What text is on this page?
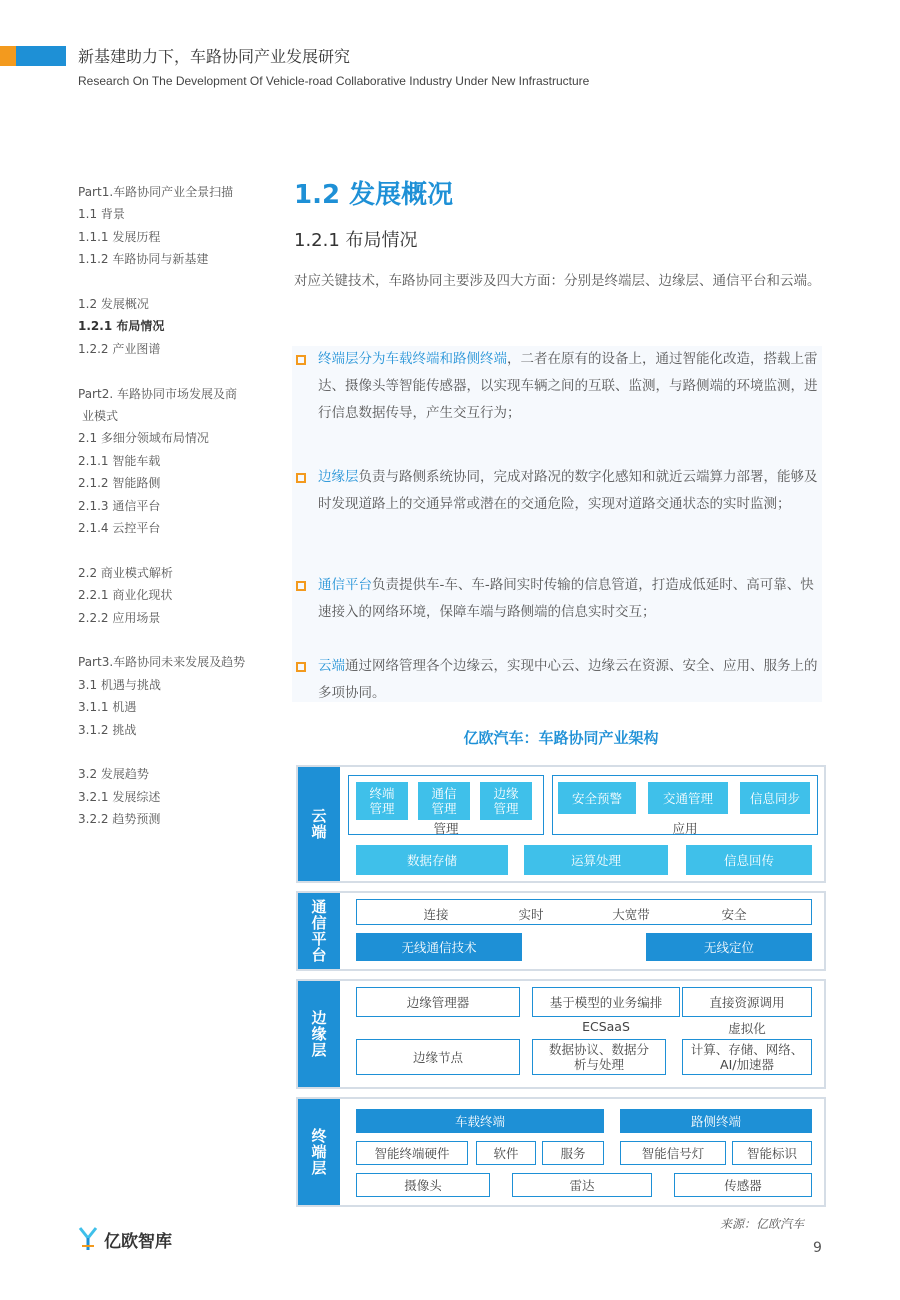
新基建助力下，车路协同产业发展研究
Research On The Development Of Vehicle-road Collaborative Industry Under New Infrastructure
Part1.车路协同产业全景扫描
1.1 背景
1.1.1 发展历程
1.1.2 车路协同与新基建
1.2 发展概况
1.2.1 布局情况
1.2.2 产业图谱
Part2. 车路协同市场发展及商
业模式
2.1 多细分领域布局情况
2.1.1 智能车载
2.1.2 智能路侧
2.1.3 通信平台
2.1.4 云控平台
2.2 商业模式解析
2.2.1 商业化现状
2.2.2 应用场景
Part3.车路协同未来发展及趋势
3.1 机遇与挑战
3.1.1 机遇
3.1.2 挑战
3.2 发展趋势
3.2.1 发展综述
3.2.2 趋势预测
1.2 发展概况
1.2.1 布局情况
对应关键技术，车路协同主要涉及四大方面：分别是终端层、边缘层、通信平台和云端。
终端层分为车载终端和路侧终端，二者在原有的设备上，通过智能化改造，搭载上雷达、摄像头等智能传感器，以实现车辆之间的互联、监测，与路侧端的环境监测，进行信息数据传导，产生交互行为；
边缘层负责与路侧系统协同，完成对路况的数字化感知和就近云端算力部署，能够及时发现道路上的交通异常或潜在的交通危险，实现对道路交通状态的实时监测；
通信平台负责提供车-车、车-路间实时传输的信息管道，打造成低延时、高可靠、快速接入的网络环境，保障车端与路侧端的信息实时交互；
云端通过网络管理各个边缘云，实现中心云、边缘云在资源、安全、应用、服务上的多项协同。
亿欧汽车：车路协同产业架构
云端
终端
管理
通信
管理
边缘
管理
管理
安全预警	交通管理	信息同步
应用
数据存储	运算处理	信息回传
通信平台	连接	实时	大宽带	安全
无线通信技术	无线定位
边缘层
边缘管理器	基于模型的业务编排	直接资源调用
ECSaaS	虚拟化
边缘节点	数据协议、数据分
析与处理
计算、存储、网络、
AI/加速器
终端层
车载终端	路侧终端
智能终端硬件	软件	服务	智能信号灯	智能标识
摄像头	雷达	传感器
来源：亿欧汽车
9
亿欧智库
